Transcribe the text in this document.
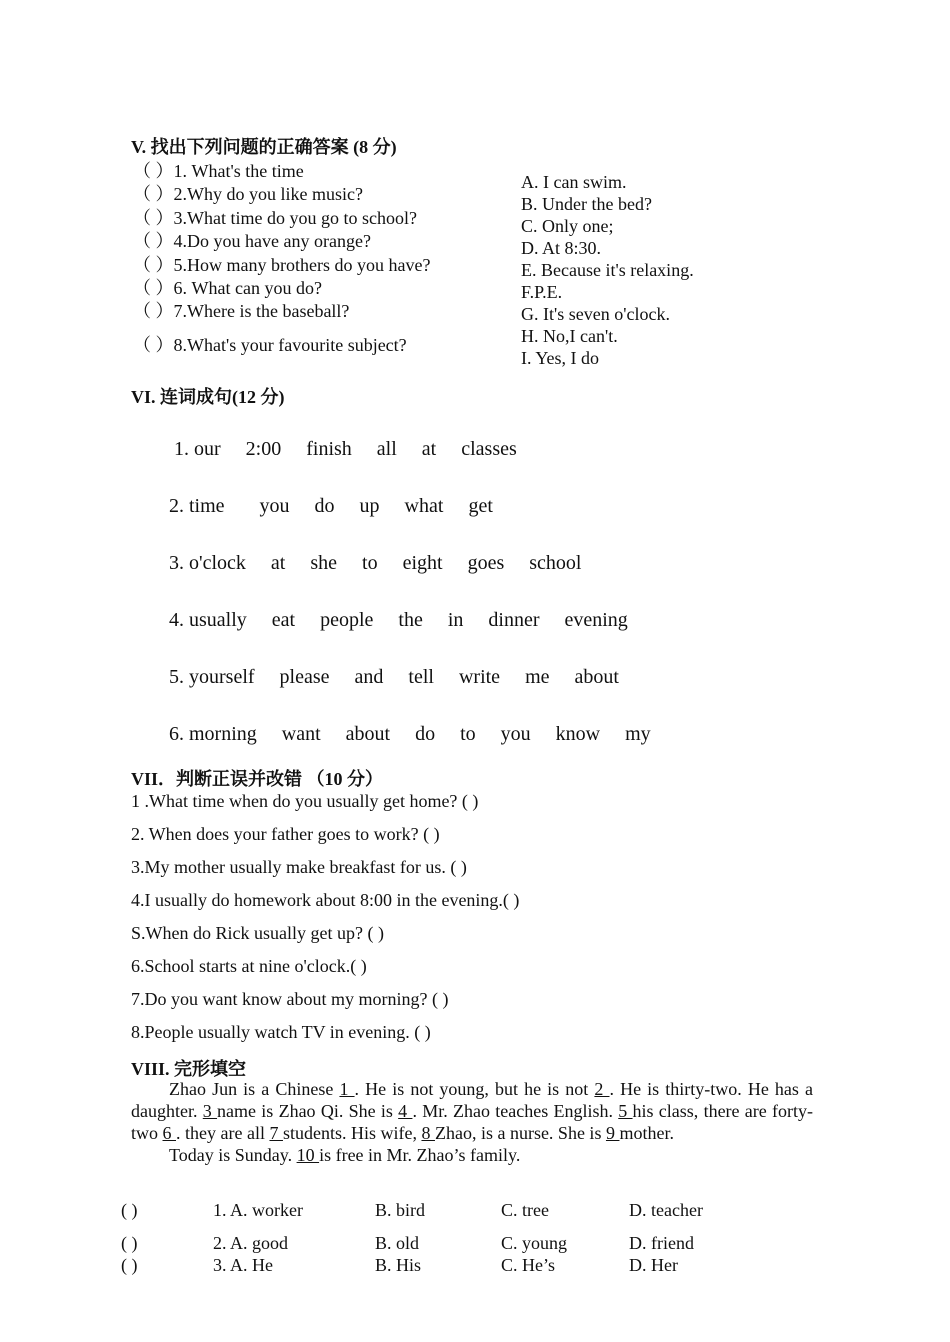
V. 找出下列问题的正确答案 (8 分)
（ ）1. What's the time
（ ）2.Why do you like music?
（ ）3.What time do you go to school?
（ ）4.Do you have any orange?
（ ）5.How many brothers do you have?
（ ）6. What can you do?
（ ）7.Where is the baseball?
（ ）8.What's your favourite subject?
A. I can swim.
B. Under the bed?
C. Only one;
D. At 8:30.
E. Because it's relaxing.
F.P.E.
G. It's seven o'clock.
H. No,I can't.
I. Yes, I do
VI. 连词成句(12 分)
1. our 2:00 finish all at classes
2. time you do up what get
3. o'clock at she to eight goes school
4. usually eat people the in dinner evening
5. yourself please and tell write me about
6. morning want about do to you know my
VII．判断正误并改错 （10 分）
1 .What time when do you usually get home? ( )
2. When does your father goes to work? ( )
3.My mother usually make breakfast for us. ( )
4.I usually do homework about 8:00 in the evening.( )
S.When do Rick usually get up? ( )
6.School starts at nine o'clock.( )
7.Do you want know about my morning? ( )
8.People usually watch TV in evening. ( )
VIII. 完形填空

Zhao Jun is a Chinese 1 . He is not young, but he is not 2 . He is thirty-two. He has a daughter. 3 name is Zhao Qi. She is 4 . Mr. Zhao teaches English. 5 his class, there are forty-two 6 . they are all 7 students. His wife, 8 Zhao, is a nurse. She is 9 mother.

Today is Sunday. 10 is free in Mr. Zhao’s family.

( )	1. A. worker	B. bird	C. tree	D. teacher
( )	2. A. good	B. old	C. young	D. friend
( )	3. A. He	B. His	C. He’s	D. Her
